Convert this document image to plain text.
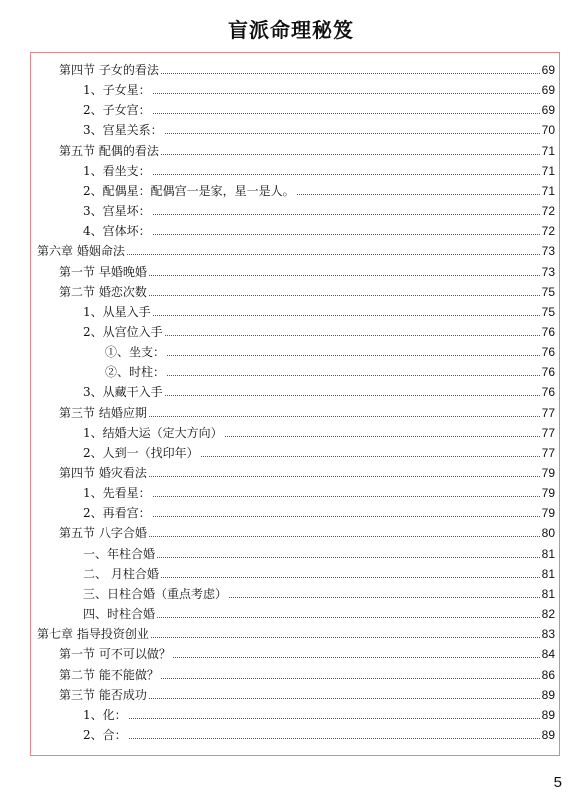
盲派命理秘笈
第四节 子女的看法	69
1、子女星：	69
2、子女宫：	69
3、宫星关系：	70
第五节 配偶的看法	71
1、看坐支：	71
2、配偶星：配偶宫一是家，星一是人。	71
3、宫星坏：	72
4、宫体坏：	72
第六章 婚姻命法	73
第一节 早婚晚婚	73
第二节 婚恋次数	75
1、从星入手	75
2、从宫位入手	76
①、坐支：	76
②、时柱：	76
3、从藏干入手	76
第三节 结婚应期	77
1、结婚大运（定大方向）	77
2、人到一（找印年）	77
第四节 婚灾看法	79
1、先看星：	79
2、再看宫：	79
第五节 八字合婚	80
一、年柱合婚	81
二、 月柱合婚	81
三、日柱合婚（重点考虑）	81
四、时柱合婚	82
第七章 指导投资创业	83
第一节 可不可以做？	84
第二节 能不能做？	86
第三节 能否成功	89
1、化：	89
2、合：	89
5
